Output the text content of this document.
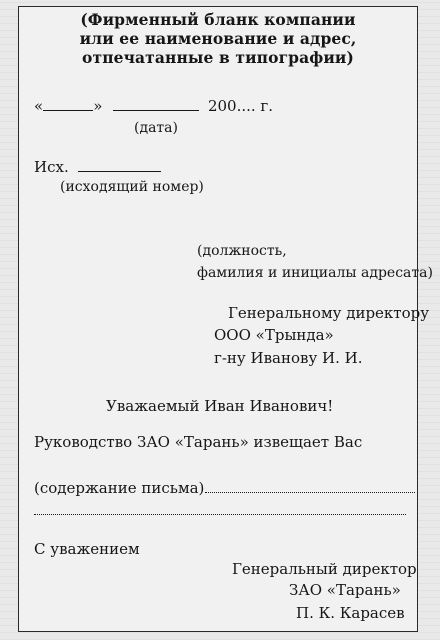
(Фирменный бланк компании
или ее наименование и адрес,
отпечатанные в типографии)
«	»	200.... г.
(дата)
Исх.
(исходящий номер)
(должность,
фамилия и инициалы адресата)
Генеральному директору
ООО «Трында»
г-ну Иванову И. И.
Уважаемый Иван Иванович!
Руководство ЗАО «Тарань» извещает Вас
(содержание письма)
С уважением
Генеральный директор
ЗАО «Тарань»
П. К. Карасев
